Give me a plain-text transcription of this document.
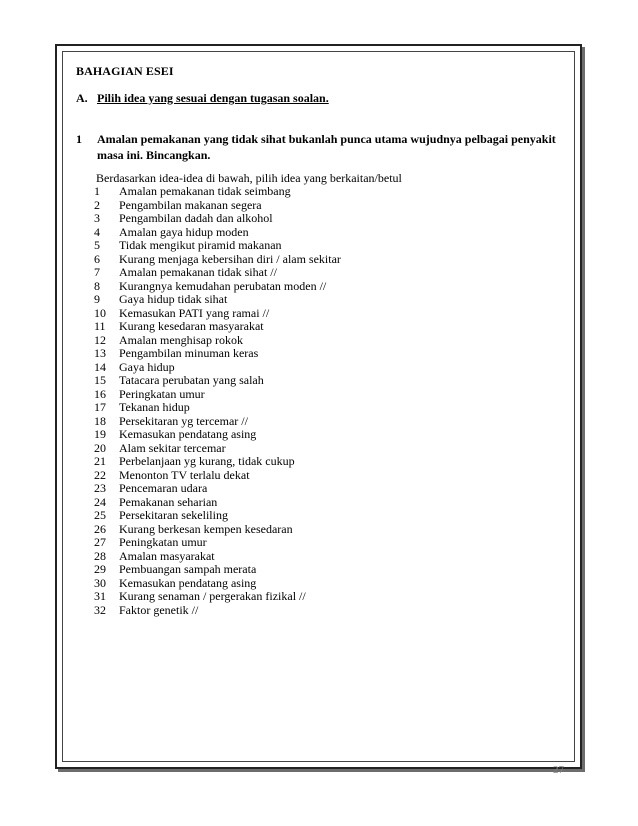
BAHAGIAN ESEI
A. Pilih idea yang sesuai dengan tugasan soalan.
1 Amalan pemakanan yang tidak sihat bukanlah punca utama wujudnya pelbagai penyakit masa ini. Bincangkan.
Berdasarkan idea-idea di bawah, pilih idea yang berkaitan/betul
1 Amalan pemakanan tidak seimbang
2 Pengambilan makanan segera
3 Pengambilan dadah dan alkohol
4 Amalan gaya hidup moden
5 Tidak mengikut piramid makanan
6 Kurang menjaga kebersihan diri / alam sekitar
7 Amalan pemakanan tidak sihat //
8 Kurangnya kemudahan perubatan moden //
9 Gaya hidup tidak sihat
10 Kemasukan PATI yang ramai //
11 Kurang kesedaran masyarakat
12 Amalan menghisap rokok
13 Pengambilan minuman keras
14 Gaya hidup
15 Tatacara perubatan yang salah
16 Peringkatan umur
17 Tekanan hidup
18 Persekitaran yg tercemar //
19 Kemasukan pendatang asing
20 Alam sekitar tercemar
21 Perbelanjaan yg kurang, tidak cukup
22 Menonton TV terlalu dekat
23 Pencemaran udara
24 Pemakanan seharian
25 Persekitaran sekeliling
26 Kurang berkesan kempen kesedaran
27 Peningkatan umur
28 Amalan masyarakat
29 Pembuangan sampah merata
30 Kemasukan pendatang asing
31 Kurang senaman / pergerakan fizikal //
32 Faktor genetik //
27
